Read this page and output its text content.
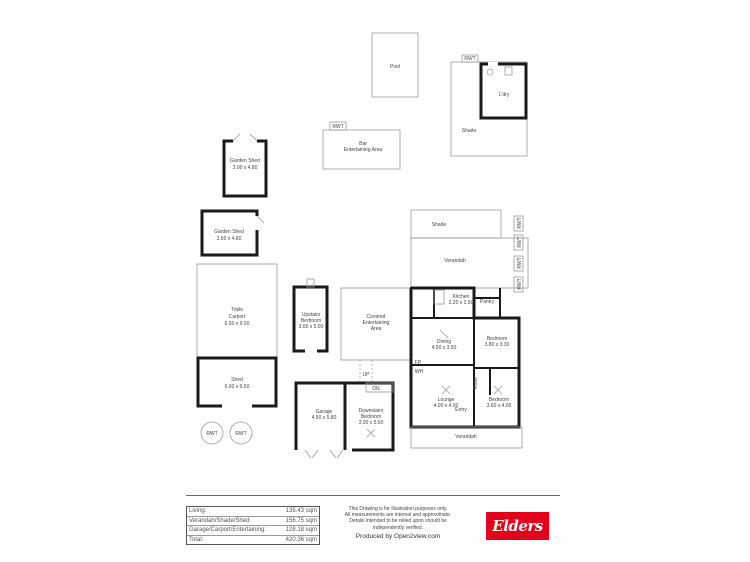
Pool
RWT
L'dry
Shade
RWT
Bar
Entertaining Area
Garden Shed
3.00 x 4.80
Garden Shed
3.50 x 4.80
Triple
Carport
6.00 x 9.00
Shed
6.00 x 6.50
RWT	RWT
Upstairs
Bedroom
3.00 x 5.00
Covered
Entertaining
Area
Shade
Verandah
RWT
RWT
RWT
RWT
Kitchen
2.20 x 2.50 Pantry
Dining
4.50 x 3.50
FP
WH
Bedroom
3.80 x 3.30
Lounge
4.00 x 4.00
Bedroom
3.60 x 4.00
Robe
Entry
Verandah
Garage
4.50 x 5.80
DN
Downstairs
Bedroom
3.00 x 5.50
UP
Living:	135.43 sqm
Verandah/Shade/Shed:	156.75 sqm
Garage/Carport/Entertaining:	128.18 sqm
Total:	420.36 sqm
This Drawing is for illustration purposes only.
All measurements are internal and approximate.
Details intended to be relied upon should be
independently verified.
Produced by Open2view.com
Elders
